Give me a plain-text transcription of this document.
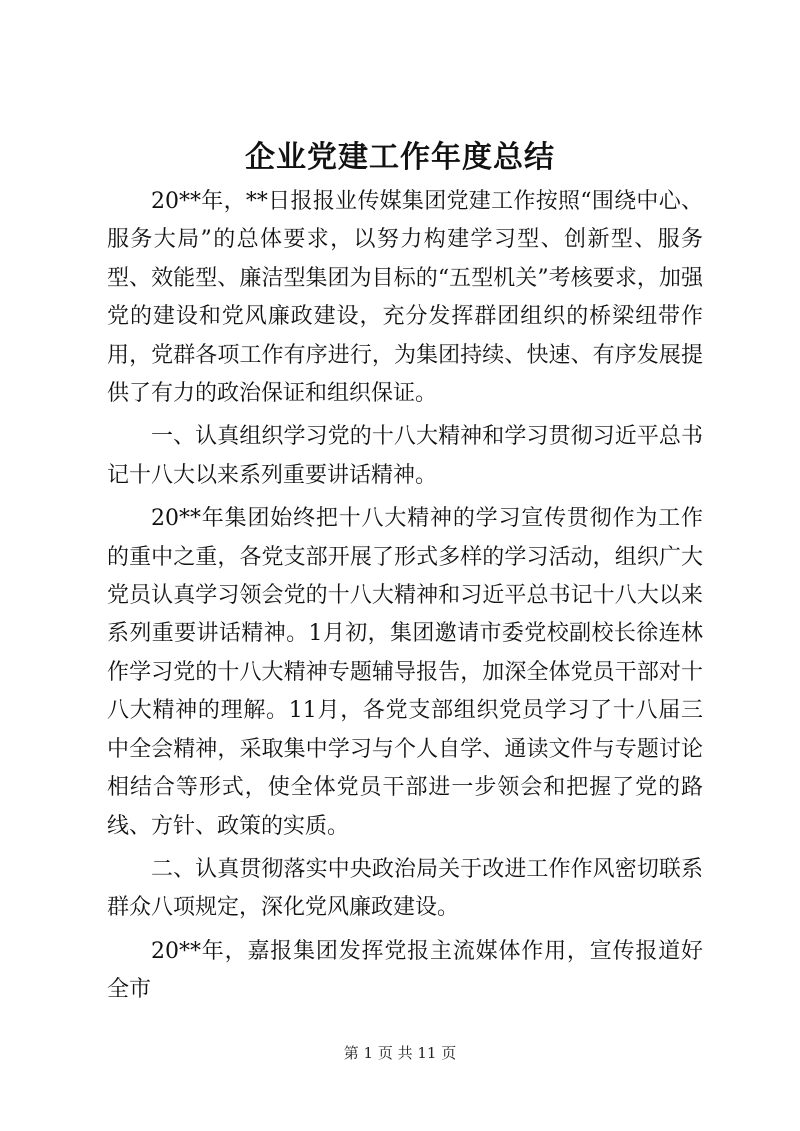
企业党建工作年度总结

20**年，**日报报业传媒集团党建工作按照“围绕中心、服务大局”的总体要求，以努力构建学习型、创新型、服务型、效能型、廉洁型集团为目标的“五型机关”考核要求，加强党的建设和党风廉政建设，充分发挥群团组织的桥梁纽带作用，党群各项工作有序进行，为集团持续、快速、有序发展提供了有力的政治保证和组织保证。

一、认真组织学习党的十八大精神和学习贯彻习近平总书记十八大以来系列重要讲话精神。

20**年集团始终把十八大精神的学习宣传贯彻作为工作的重中之重，各党支部开展了形式多样的学习活动，组织广大党员认真学习领会党的十八大精神和习近平总书记十八大以来系列重要讲话精神。1月初，集团邀请市委党校副校长徐连林作学习党的十八大精神专题辅导报告，加深全体党员干部对十八大精神的理解。11月，各党支部组织党员学习了十八届三中全会精神，采取集中学习与个人自学、通读文件与专题讨论相结合等形式，使全体党员干部进一步领会和把握了党的路线、方针、政策的实质。

二、认真贯彻落实中央政治局关于改进工作作风密切联系群众八项规定，深化党风廉政建设。

20**年，嘉报集团发挥党报主流媒体作用，宣传报道好全市

第 1 页 共 11 页
